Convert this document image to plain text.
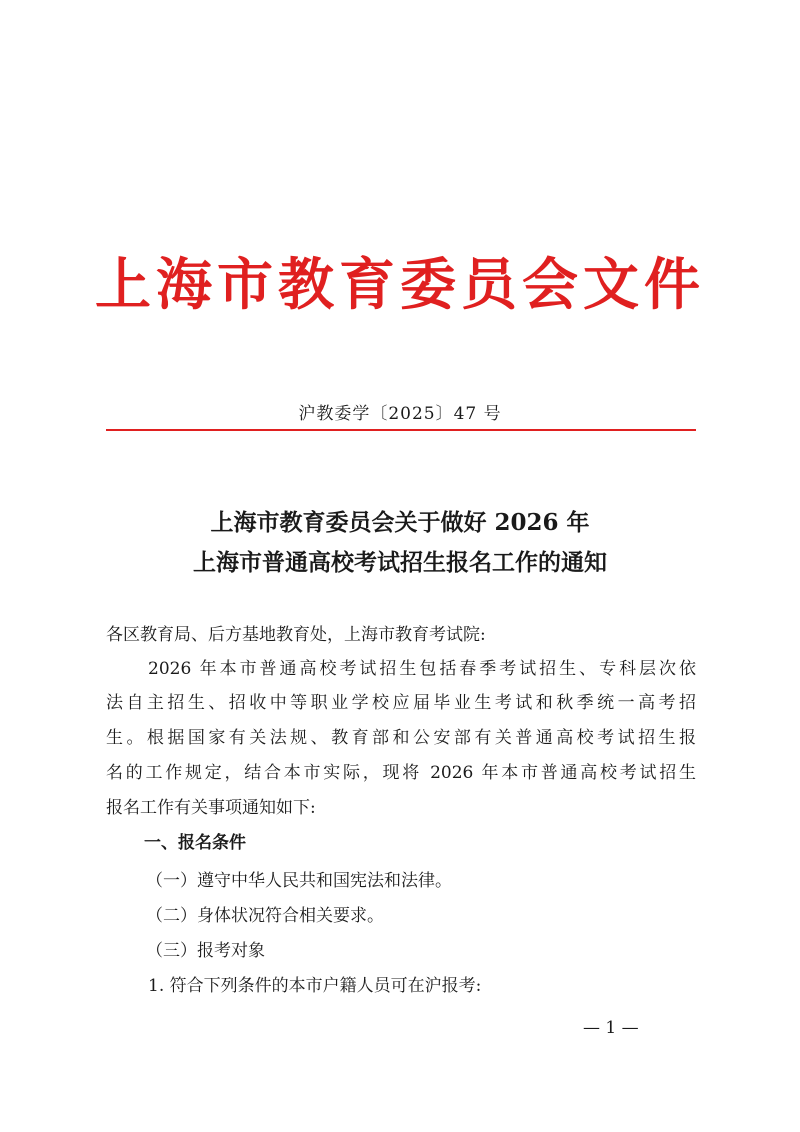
上海市教育委员会文件
沪教委学〔2025〕47 号
上海市教育委员会关于做好 2026 年
上海市普通高校考试招生报名工作的通知
各区教育局、后方基地教育处，上海市教育考试院:
2026 年本市普通高校考试招生包括春季考试招生、专科层次依
法自主招生、招收中等职业学校应届毕业生考试和秋季统一高考招
生。根据国家有关法规、教育部和公安部有关普通高校考试招生报
名的工作规定，结合本市实际，现将 2026 年本市普通高校考试招生
报名工作有关事项通知如下:
一、报名条件
（一）遵守中华人民共和国宪法和法律。
（二）身体状况符合相关要求。
（三）报考对象
1. 符合下列条件的本市户籍人员可在沪报考:
— 1 —
